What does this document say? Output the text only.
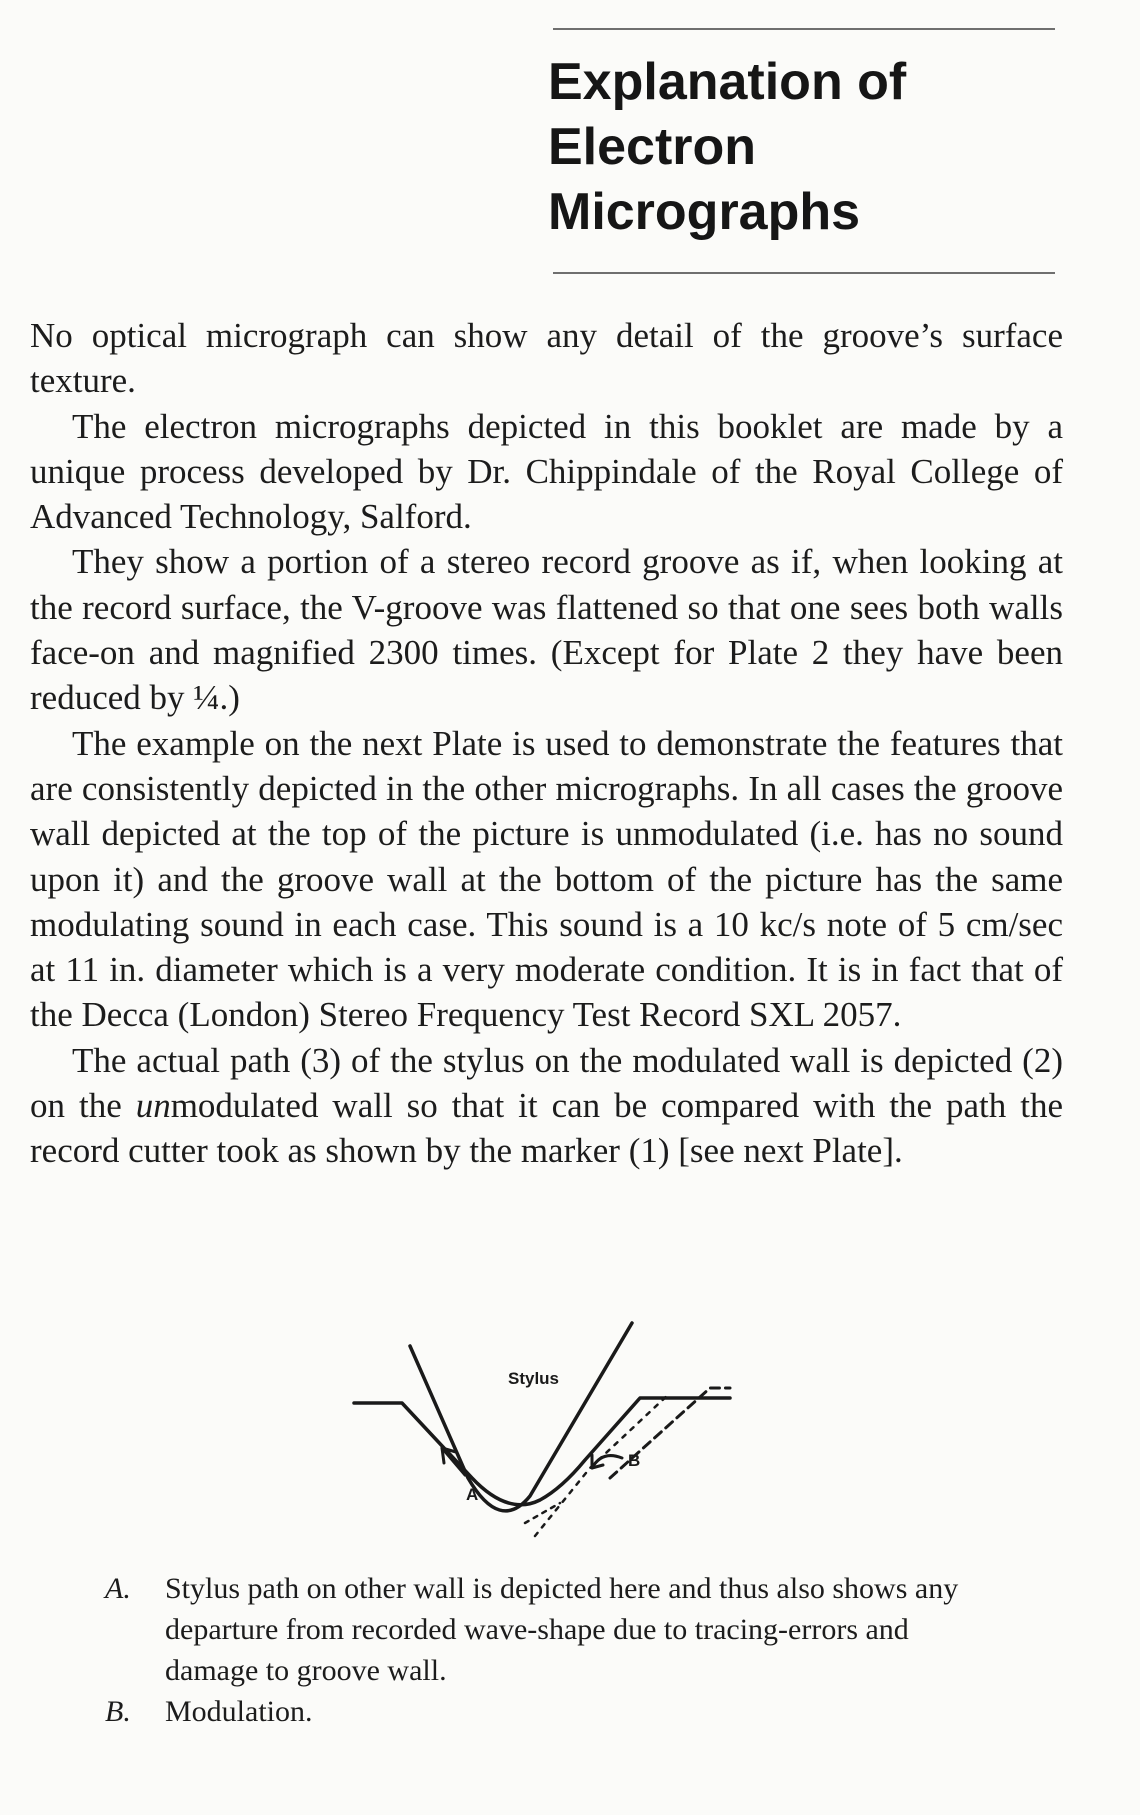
Explanation of
Electron
Micrographs

No optical micrograph can show any detail of the groove’s surface texture.

The electron micrographs depicted in this booklet are made by a unique process developed by Dr. Chippindale of the Royal College of Advanced Technology, Salford.

They show a portion of a stereo record groove as if, when looking at the record surface, the V-groove was flattened so that one sees both walls face-on and magnified 2300 times. (Except for Plate 2 they have been reduced by ¼.)

The example on the next Plate is used to demonstrate the features that are consistently depicted in the other micrographs. In all cases the groove wall depicted at the top of the picture is unmodulated (i.e. has no sound upon it) and the groove wall at the bottom of the picture has the same modulating sound in each case. This sound is a 10 kc/s note of 5 cm/sec at 11 in. diameter which is a very moderate condition. It is in fact that of the Decca (London) Stereo Frequency Test Record SXL 2057.

The actual path (3) of the stylus on the modulated wall is depicted (2) on the unmodulated wall so that it can be compared with the path the record cutter took as shown by the marker (1) [see next Plate].

Stylus
A
B

A. Stylus path on other wall is depicted here and thus also shows any departure from recorded wave-shape due to tracing-errors and damage to groove wall.

B. Modulation.
